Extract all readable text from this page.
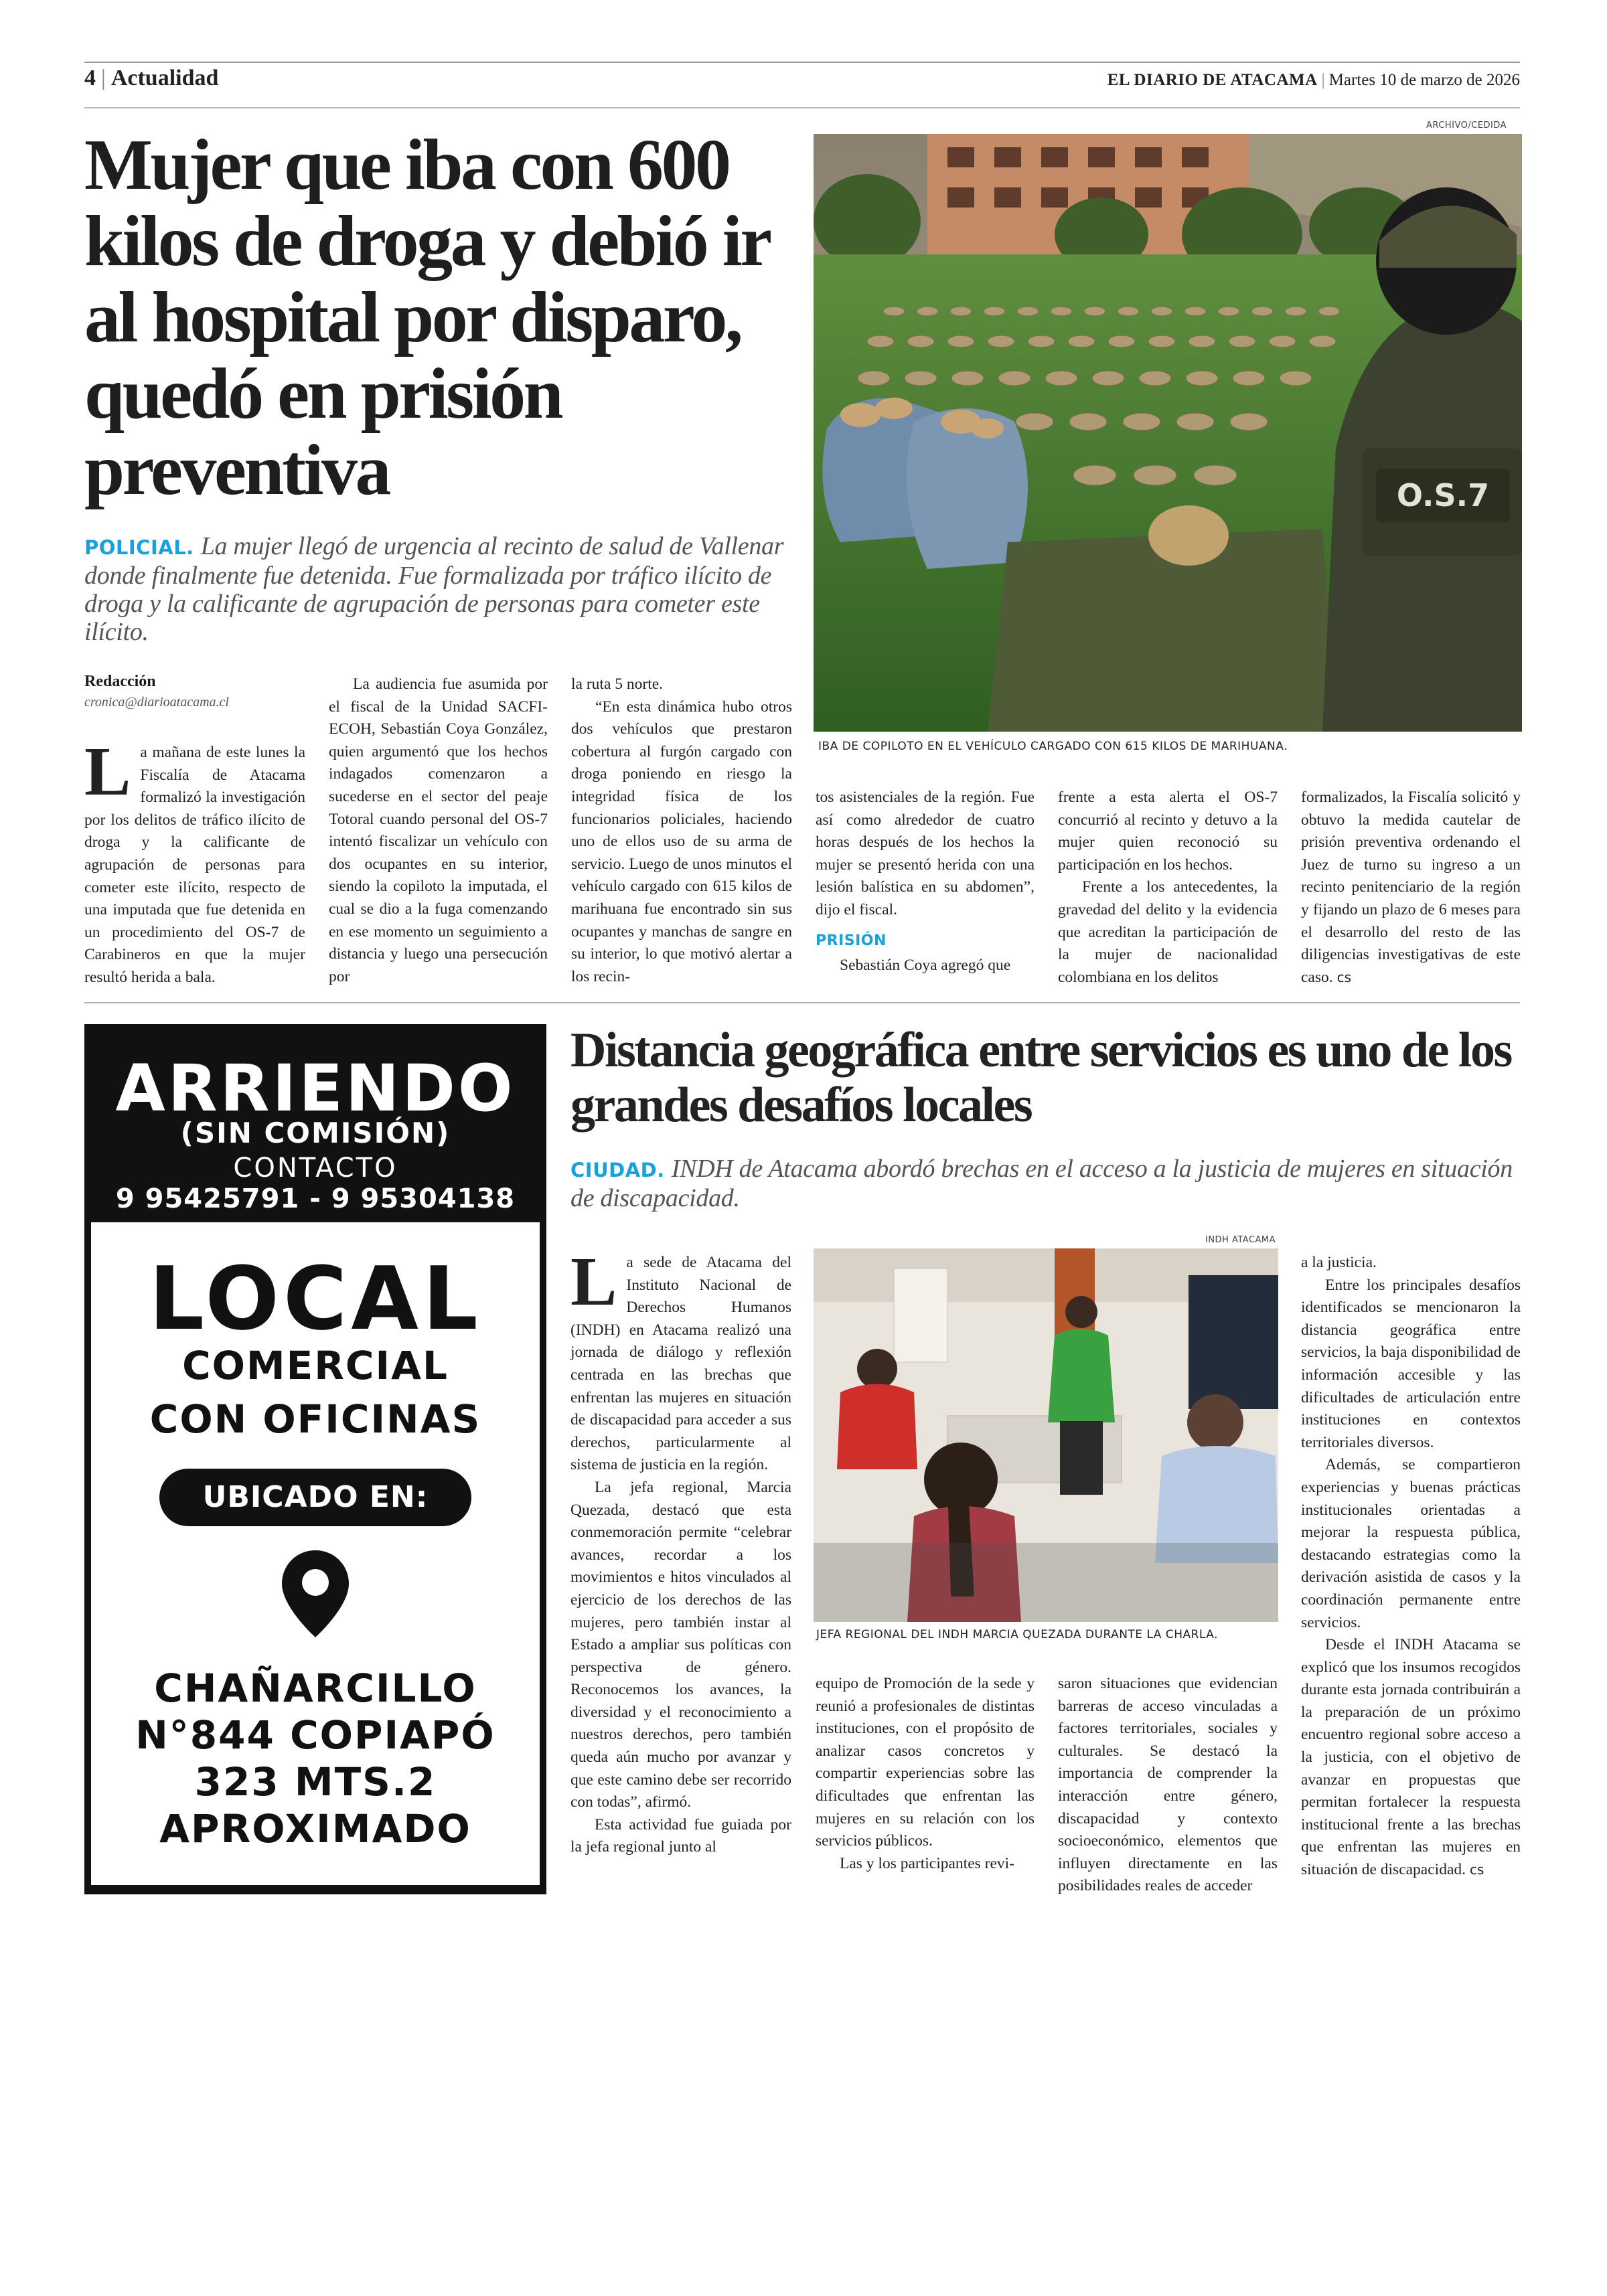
4 | Actualidad	EL DIARIO DE ATACAMA | Martes 10 de marzo de 2026
Mujer que iba con 600 kilos de droga y debió ir al hospital por disparo, quedó en prisión preventiva
POLICIAL. La mujer llegó de urgencia al recinto de salud de Vallenar donde finalmente fue detenida. Fue formalizada por tráfico ilícito de droga y la calificante de agrupación de personas para cometer este ilícito.
ARCHIVO/CEDIDA
O.S.7
IBA DE COPILOTO EN EL VEHÍCULO CARGADO CON 615 KILOS DE MARIHUANA.
Redacción
cronica@diarioatacama.cl

La mañana de este lunes la Fiscalía de Atacama formalizó la investigación por los delitos de tráfico ilícito de droga y la calificante de agrupación de personas para cometer este ilícito, respecto de una imputada que fue detenida en un procedimiento del OS-7 de Carabineros en que la mujer resultó herida a bala.

La audiencia fue asumida por el fiscal de la Unidad SACFI-ECOH, Sebastián Coya González, quien argumentó que los hechos indagados comenzaron a sucederse en el sector del peaje Totoral cuando personal del OS-7 intentó fiscalizar un vehículo con dos ocupantes en su interior, siendo la copiloto la imputada, el cual se dio a la fuga comenzando en ese momento un seguimiento a distancia y luego una persecución por

la ruta 5 norte.

“En esta dinámica hubo otros dos vehículos que prestaron cobertura al furgón cargado con droga poniendo en riesgo la integridad física de los funcionarios policiales, haciendo uno de ellos uso de su arma de servicio. Luego de unos minutos el vehículo cargado con 615 kilos de marihuana fue encontrado sin sus ocupantes y manchas de sangre en su interior, lo que motivó alertar a los recin-

tos asistenciales de la región. Fue así como alrededor de cuatro horas después de los hechos la mujer se presentó herida con una lesión balística en su abdomen”, dijo el fiscal.

PRISIÓN

Sebastián Coya agregó que

frente a esta alerta el OS-7 concurrió al recinto y detuvo a la mujer quien reconoció su participación en los hechos.

Frente a los antecedentes, la gravedad del delito y la evidencia que acreditan la participación de la mujer de nacionalidad colombiana en los delitos

formalizados, la Fiscalía solicitó y obtuvo la medida cautelar de prisión preventiva ordenando el Juez de turno su ingreso a un recinto penitenciario de la región y fijando un plazo de 6 meses para el desarrollo del resto de las diligencias investigativas de este caso. cs

ARRIENDO
(SIN COMISIÓN)
CONTACTO
9 95425791 - 9 95304138
LOCAL
COMERCIAL
CON OFICINAS
UBICADO EN:
CHAÑARCILLO
N°844 COPIAPÓ
323 MTS.2
APROXIMADO
Distancia geográfica entre servicios es uno de los grandes desafíos locales
CIUDAD. INDH de Atacama abordó brechas en el acceso a la justicia de mujeres en situación de discapacidad.
INDH ATACAMA
JEFA REGIONAL DEL INDH MARCIA QUEZADA DURANTE LA CHARLA.

La sede de Atacama del Instituto Nacional de Derechos Humanos (INDH) en Atacama realizó una jornada de diálogo y reflexión centrada en las brechas que enfrentan las mujeres en situación de discapacidad para acceder a sus derechos, particularmente al sistema de justicia en la región.

La jefa regional, Marcia Quezada, destacó que esta conmemoración permite “celebrar avances, recordar a los movimientos e hitos vinculados al ejercicio de los derechos de las mujeres, pero también instar al Estado a ampliar sus políticas con perspectiva de género. Reconocemos los avances, la diversidad y el reconocimiento a nuestros derechos, pero también queda aún mucho por avanzar y que este camino debe ser recorrido con todas”, afirmó.

Esta actividad fue guiada por la jefa regional junto al

equipo de Promoción de la sede y reunió a profesionales de distintas instituciones, con el propósito de analizar casos concretos y compartir experiencias sobre las dificultades que enfrentan las mujeres en su relación con los servicios públicos.

Las y los participantes revi-

saron situaciones que evidencian barreras de acceso vinculadas a factores territoriales, sociales y culturales. Se destacó la importancia de comprender la interacción entre género, discapacidad y contexto socioeconómico, elementos que influyen directamente en las posibilidades reales de acceder

a la justicia.

Entre los principales desafíos identificados se mencionaron la distancia geográfica entre servicios, la baja disponibilidad de información accesible y las dificultades de articulación entre instituciones en contextos territoriales diversos.

Además, se compartieron experiencias y buenas prácticas institucionales orientadas a mejorar la respuesta pública, destacando estrategias como la derivación asistida de casos y la coordinación permanente entre servicios.

Desde el INDH Atacama se explicó que los insumos recogidos durante esta jornada contribuirán a la preparación de un próximo encuentro regional sobre acceso a la justicia, con el objetivo de avanzar en propuestas que permitan fortalecer la respuesta institucional frente a las brechas que enfrentan las mujeres en situación de discapacidad. cs
